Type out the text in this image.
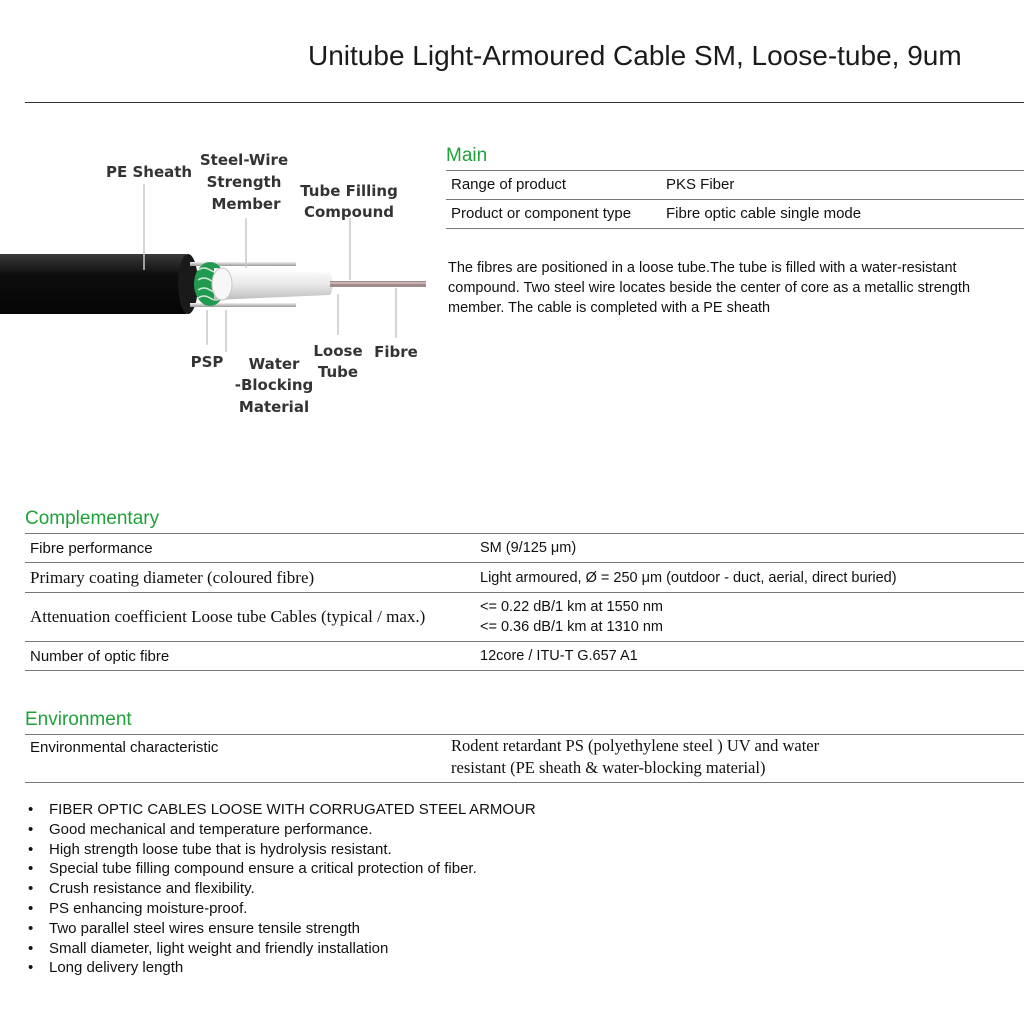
Unitube Light-Armoured Cable SM, Loose-tube, 9um
PE Sheath
Steel-Wire
Strength
Member
Tube Filling
Compound
PSP Water
-Blocking
Material
Loose
Tube
Fibre
Main
Range of product	PKS Fiber
Product or component type	Fibre optic cable single mode
The fibres are positioned in a loose tube.The tube is filled with a water-resistant
compound. Two steel wire locates beside the center of core as a metallic strength
member. The cable is completed with a PE sheath
Complementary
Fibre performance	SM (9/125 μm)
Primary coating diameter (coloured fibre)	Light armoured, Ø = 250 μm (outdoor - duct, aerial, direct buried)
Attenuation coefficient Loose tube Cables (typical / max.)	<= 0.22 dB/1 km at 1550 nm
<= 0.36 dB/1 km at 1310 nm
Number of optic fibre	12core / ITU-T G.657 A1
Environment
Environmental characteristic	Rodent retardant PS (polyethylene steel ) UV and water
resistant (PE sheath & water-blocking material)
• FIBER OPTIC CABLES LOOSE WITH CORRUGATED STEEL ARMOUR
• Good mechanical and temperature performance.
• High strength loose tube that is hydrolysis resistant.
• Special tube filling compound ensure a critical protection of fiber.
• Crush resistance and flexibility.
• PS enhancing moisture-proof.
• Two parallel steel wires ensure tensile strength
• Small diameter, light weight and friendly installation
• Long delivery length
